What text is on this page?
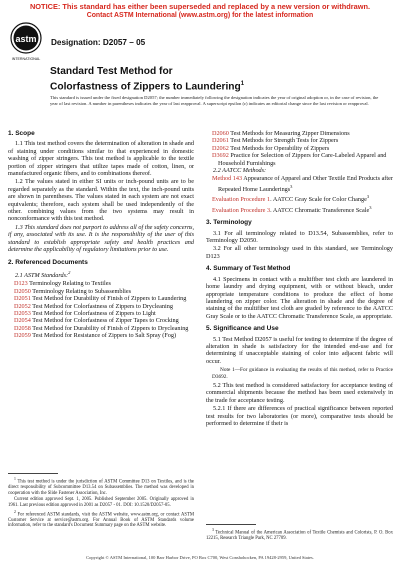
NOTICE: This standard has either been superseded and replaced by a new version or withdrawn.
Contact ASTM International (www.astm.org) for the latest information
astm
INTERNATIONAL
Designation: D2057 – 05
Standard Test Method for
Colorfastness of Zippers to Laundering$^1$
This standard is issued under the fixed designation D2057; the number immediately following the designation indicates the year of original adoption or, in the case of revision, the year of last revision. A number in parentheses indicates the year of last reapproval. A superscript epsilon (ε) indicates an editorial change since the last revision or reapproval.
1. Scope
1.1 This test method covers the determination of alteration in shade and of staining under conditions similar to that experienced in domestic washing of zipper stringers. This test method is applicable to the textile portion of zipper stringers that utilize tapes made of cotton, linen, or manufactured organic fibers, and to combinations thereof.
1.2 The values stated in either SI units or inch-pound units are to be regarded separately as the standard. Within the text, the inch-pound units are shown in parentheses. The values stated in each system are not exact equivalents; therefore, each system shall be used independently of the other. combining values from the two systems may result in nonconformance with this test method.
1.3 This standard does not purport to address all of the safety concerns, if any, associated with its use. It is the responsibility of the user of this standard to establish appropriate safety and health practices and determine the applicability of regulatory limitations prior to use.
2. Referenced Documents
2.1 ASTM Standards:$^2$
D123 Terminology Relating to Textiles
D2050 Terminology Relating to Subassemblies
D2051 Test Method for Durability of Finish of Zippers to Laundering
D2052 Test Method for Colorfastness of Zippers to Drycleaning
D2053 Test Method for Colorfastness of Zippers to Light
D2054 Test Method for Colorfastness of Zipper Tapes to Crocking
D2058 Test Method for Durability of Finish of Zippers to Drycleaning
D2059 Test Method for Resistance of Zippers to Salt Spray (Fog)
$^1$ This test method is under the jurisdiction of ASTM Committee D13 on Textiles, and is the direct responsibility of Subcommittee D13.54 on Subassemblies. The method was developed in cooperation with the Slide Fastener Association, Inc.
Current edition approved Sept. 1, 2005. Published September 2005. Originally approved in 1961. Last previous edition approved in 2001 as D2057 - 01. DOI: 10.1520/D2057-05.
$^2$ For referenced ASTM standards, visit the ASTM website, www.astm.org, or contact ASTM Customer Service at service@astm.org. For Annual Book of ASTM Standards volume information, refer to the standard's Document Summary page on the ASTM website.
D2060 Test Methods for Measuring Zipper Dimensions
D2061 Test Methods for Strength Tests for Zippers
D2062 Test Methods for Operability of Zippers
D3692 Practice for Selection of Zippers for Care-Labeled Apparel and Household Furnishings
2.2 AATCC Methods:
Method 143 Appearance of Apparel and Other Textile End Products after Repeated Home Launderings$^3$
Evaluation Procedure 1. AATCC Gray Scale for Color Change$^3$
Evaluation Procedure 3. AATCC Chromatic Transference Scale$^3$
3. Terminology
3.1 For all terminology related to D13.54, Subassemblies, refer to Terminology D2050.
3.2 For all other terminology used in this standard, see Terminology D123
4. Summary of Test Method
4.1 Specimens in contact with a multifiber test cloth are laundered in home laundry and drying equipment, with or without bleach, under appropriate temperature conditions to produce the effect of home laundering on zipper color. The alteration in shade and the degree of staining of the multifiber test cloth are graded by reference to the AATCC Gray Scale or to the AATCC Chromatic Transference Scale, as appropriate.
5. Significance and Use
5.1 Test Method D2057 is useful for testing to determine if the degree of alteration in shade is satisfactory for the intended end-use and for determining if unacceptable staining of color into adjacent fabric will occur.
Note 1—For guidance in evaluating the results of this method, refer to Practice D3692.
5.2 This test method is considered satisfactory for acceptance testing of commercial shipments because the method has been used extensively in the trade for acceptance testing.
5.2.1 If there are differences of practical significance between reported test results for two laboratories (or more), comparative tests should be performed to determine if their is
$^3$ Technical Manual of the American Association of Textile Chemists and Colorists, P. O. Box 12215, Research Triangle Park, NC 27709.
Copyright © ASTM International, 100 Barr Harbor Drive, PO Box C700, West Conshohocken, PA 19428-2959, United States.
